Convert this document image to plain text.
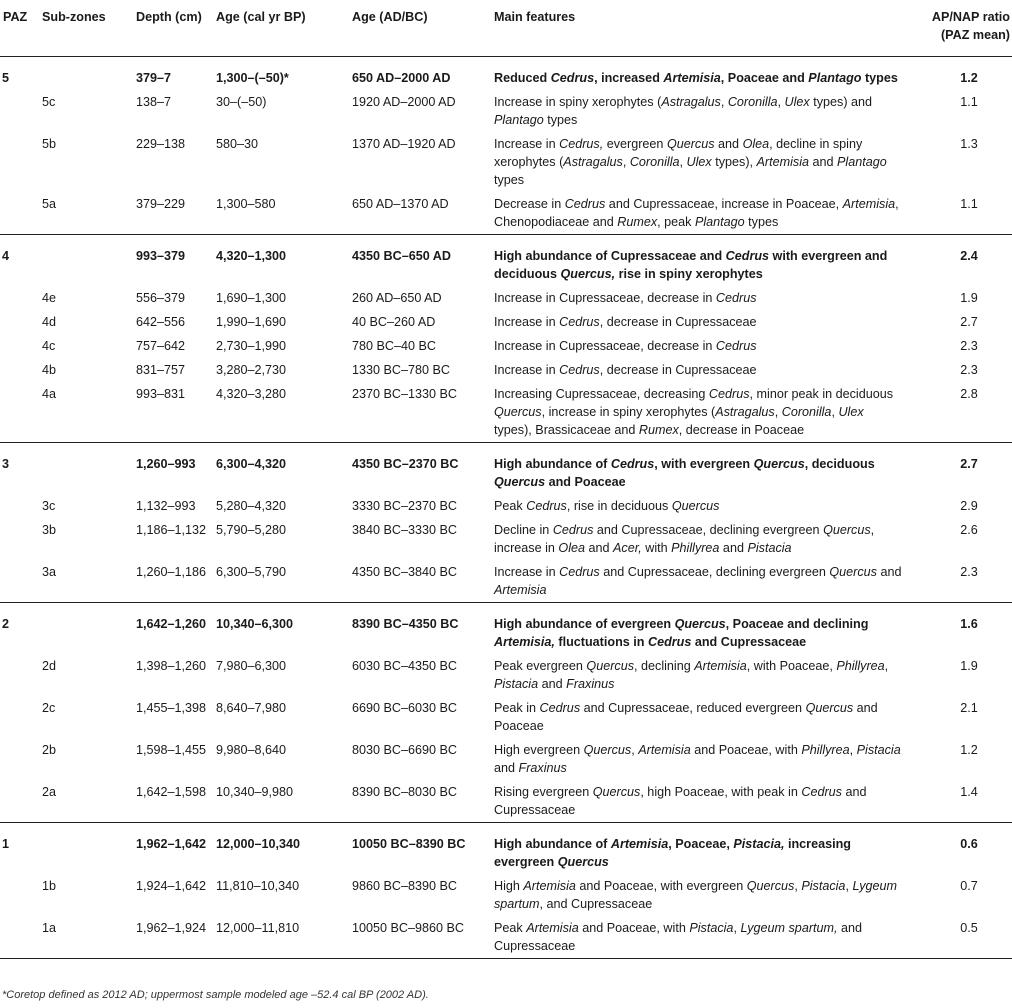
PAZ	Sub-zones	Depth (cm)	Age (cal yr BP)	Age (AD/BC)	Main features	AP/NAP ratio
(PAZ mean)
5		379–7	1,300–(–50)*	650 AD–2000 AD	Reduced Cedrus, increased Artemisia, Poaceae and Plantago types	1.2
	5c	138–7	30–(–50)	1920 AD–2000 AD	Increase in spiny xerophytes (Astragalus, Coronilla, Ulex types) and Plantago types	1.1
	5b	229–138	580–30	1370 AD–1920 AD	Increase in Cedrus, evergreen Quercus and Olea, decline in spiny xerophytes (Astragalus, Coronilla, Ulex types), Artemisia and Plantago types	1.3
	5a	379–229	1,300–580	650 AD–1370 AD	Decrease in Cedrus and Cupressaceae, increase in Poaceae, Artemisia, Chenopodiaceae and Rumex, peak Plantago types	1.1
4		993–379	4,320–1,300	4350 BC–650 AD	High abundance of Cupressaceae and Cedrus with evergreen and deciduous Quercus, rise in spiny xerophytes	2.4
	4e	556–379	1,690–1,300	260 AD–650 AD	Increase in Cupressaceae, decrease in Cedrus	1.9
	4d	642–556	1,990–1,690	40 BC–260 AD	Increase in Cedrus, decrease in Cupressaceae	2.7
	4c	757–642	2,730–1,990	780 BC–40 BC	Increase in Cupressaceae, decrease in Cedrus	2.3
	4b	831–757	3,280–2,730	1330 BC–780 BC	Increase in Cedrus, decrease in Cupressaceae	2.3
	4a	993–831	4,320–3,280	2370 BC–1330 BC	Increasing Cupressaceae, decreasing Cedrus, minor peak in deciduous Quercus, increase in spiny xerophytes (Astragalus, Coronilla, Ulex types), Brassicaceae and Rumex, decrease in Poaceae	2.8
3		1,260–993	6,300–4,320	4350 BC–2370 BC	High abundance of Cedrus, with evergreen Quercus, deciduous Quercus and Poaceae	2.7
	3c	1,132–993	5,280–4,320	3330 BC–2370 BC	Peak Cedrus, rise in deciduous Quercus	2.9
	3b	1,186–1,132	5,790–5,280	3840 BC–3330 BC	Decline in Cedrus and Cupressaceae, declining evergreen Quercus, increase in Olea and Acer, with Phillyrea and Pistacia	2.6
	3a	1,260–1,186	6,300–5,790	4350 BC–3840 BC	Increase in Cedrus and Cupressaceae, declining evergreen Quercus and Artemisia	2.3
2		1,642–1,260	10,340–6,300	8390 BC–4350 BC	High abundance of evergreen Quercus, Poaceae and declining Artemisia, fluctuations in Cedrus and Cupressaceae	1.6
	2d	1,398–1,260	7,980–6,300	6030 BC–4350 BC	Peak evergreen Quercus, declining Artemisia, with Poaceae, Phillyrea, Pistacia and Fraxinus	1.9
	2c	1,455–1,398	8,640–7,980	6690 BC–6030 BC	Peak in Cedrus and Cupressaceae, reduced evergreen Quercus and Poaceae	2.1
	2b	1,598–1,455	9,980–8,640	8030 BC–6690 BC	High evergreen Quercus, Artemisia and Poaceae, with Phillyrea, Pistacia and Fraxinus	1.2
	2a	1,642–1,598	10,340–9,980	8390 BC–8030 BC	Rising evergreen Quercus, high Poaceae, with peak in Cedrus and Cupressaceae	1.4
1		1,962–1,642	12,000–10,340	10050 BC–8390 BC	High abundance of Artemisia, Poaceae, Pistacia, increasing evergreen Quercus	0.6
	1b	1,924–1,642	11,810–10,340	9860 BC–8390 BC	High Artemisia and Poaceae, with evergreen Quercus, Pistacia, Lygeum spartum, and Cupressaceae	0.7
	1a	1,962–1,924	12,000–11,810	10050 BC–9860 BC	Peak Artemisia and Poaceae, with Pistacia, Lygeum spartum, and Cupressaceae	0.5
*Coretop defined as 2012 AD; uppermost sample modeled age –52.4 cal BP (2002 AD).
